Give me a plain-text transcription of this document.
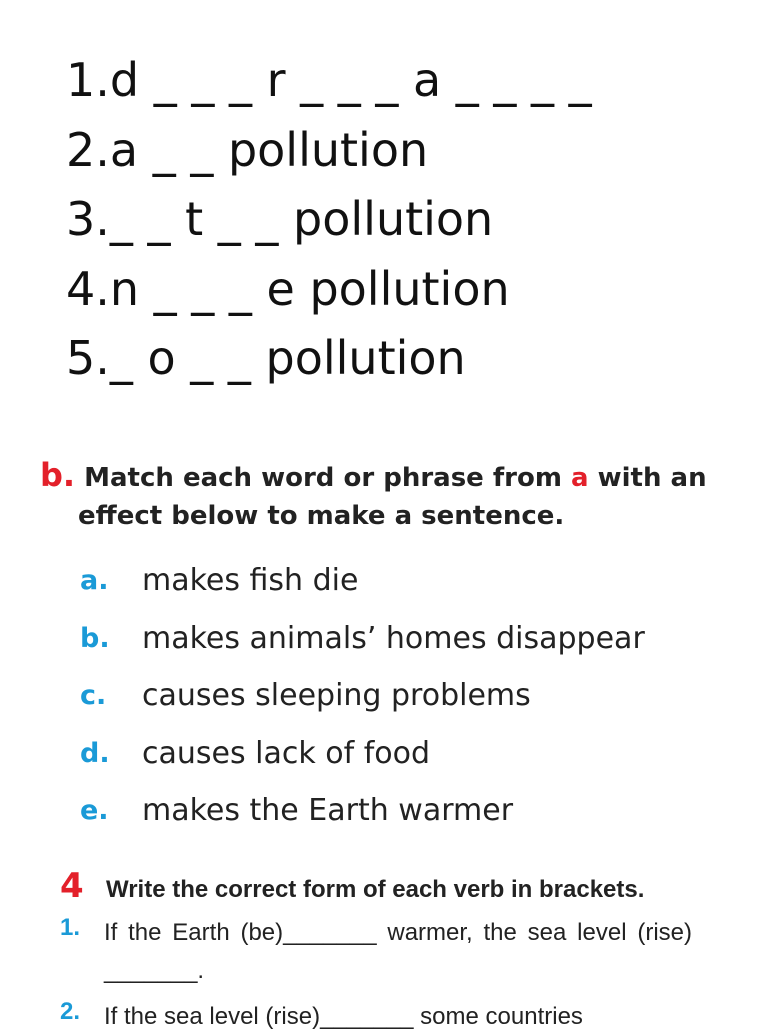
1.d _ _ _ r _ _ _ a _ _ _ _
2.a _ _ pollution
3._ _ t _ _ pollution
4.n _ _ _ e pollution
5._ o _ _ pollution
b. Match each word or phrase from a with an
effect below to make a sentence.
a.	makes fish die
b.	makes animals’ homes disappear
c.	causes sleeping problems
d.	causes lack of food
e.	makes the Earth warmer
4 Write the correct form of each verb in brackets.
1. If the Earth (be)_______ warmer, the sea level (rise) _______.
2. If the sea level (rise)_______ some countries
